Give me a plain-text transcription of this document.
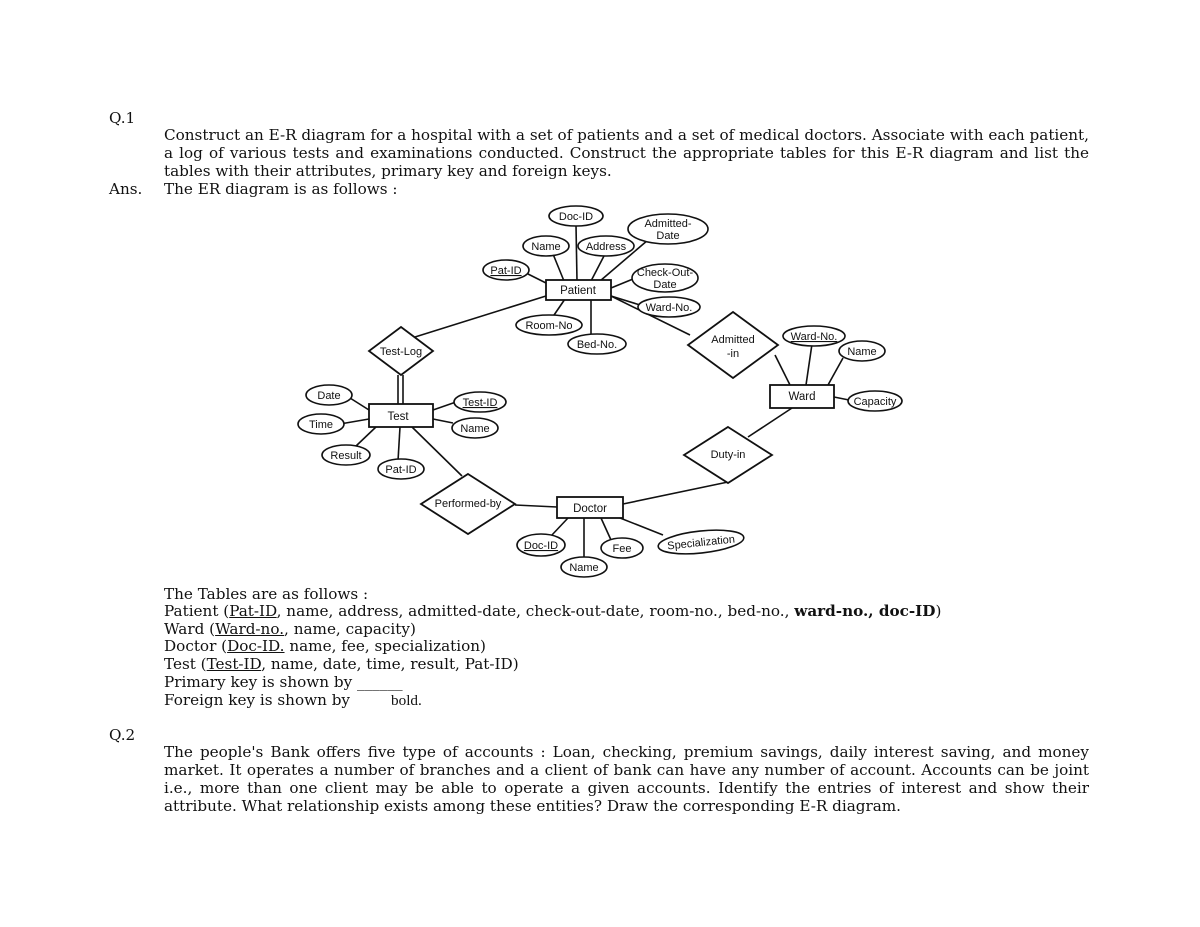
Q.1

Construct an E-R diagram for a hospital with a set of patients and a set of medical doctors. Associate with each patient,
a log of various tests and examinations conducted. Construct the appropriate tables for this E-R diagram and list the
tables with their attributes, primary key and foreign keys.

Ans. The ER diagram is as follows :

Patient
Test
Ward
Doctor
Test-Log
Admitted
-in
Duty-in
Performed-by
Doc-ID
Admitted-
Date
Name Address
Pat-ID	Check-Out-
Date
Ward-No.
Room-No
Bed-No.
Ward-No.
Name
Capacity
Date
Time
Result
Pat-ID
Test-ID
Name
Doc-ID
Name
Fee	Specialization

The Tables are as follows :

Patient (Pat-ID, name, address, admitted-date, check-out-date, room-no., bed-no., ward-no., doc-ID)

Ward (Ward-no., name, capacity)

Doctor (Doc-ID. name, fee, specialization)

Test (Test-ID, name, date, time, result, Pat-ID)

Primary key is shown by ______

Foreign key is shown by	bold.

Q.2

The people's Bank offers five type of accounts : Loan, checking, premium savings, daily interest saving, and money
market. It operates a number of branches and a client of bank can have any number of account. Accounts can be joint
i.e., more than one client may be able to operate a given accounts. Identify the entries of interest and show their
attribute. What relationship exists among these entities? Draw the corresponding E-R diagram.
